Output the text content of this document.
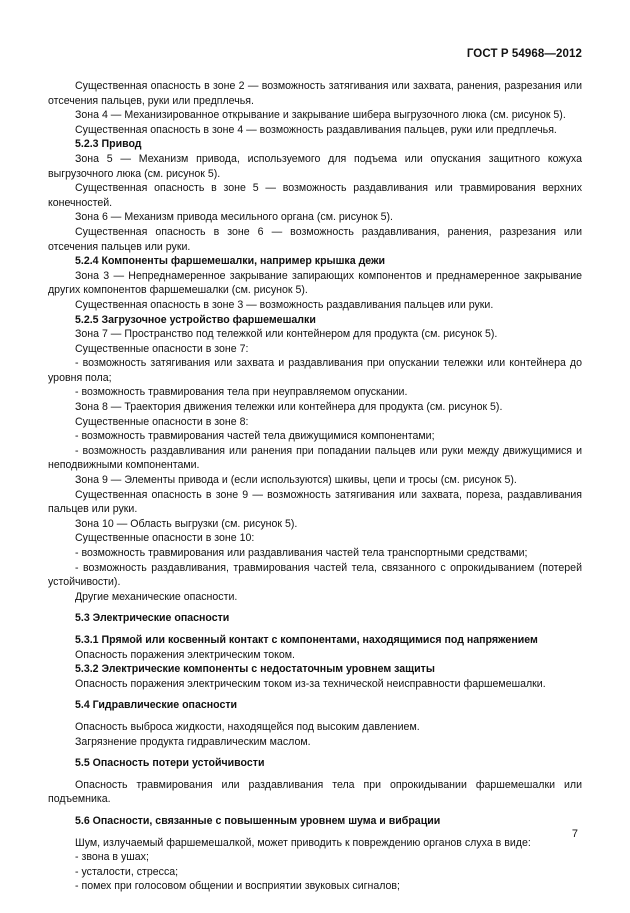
ГОСТ Р 54968—2012

Существенная опасность в зоне 2 — возможность затягивания или захвата, ранения, разрезания или отсечения пальцев, руки или предплечья.

Зона 4 — Механизированное открывание и закрывание шибера выгрузочного люка (см. рисунок 5).

Существенная опасность в зоне 4 — возможность раздавливания пальцев, руки или предплечья.

5.2.3 Привод

Зона 5 — Механизм привода, используемого для подъема или опускания защитного кожуха выгрузочного люка (см. рисунок 5).

Существенная опасность в зоне 5 — возможность раздавливания или травмирования верхних конечностей.

Зона 6 — Механизм привода месильного органа (см. рисунок 5).

Существенная опасность в зоне 6 — возможность раздавливания, ранения, разрезания или отсечения пальцев или руки.

5.2.4 Компоненты фаршемешалки, например крышка дежи

Зона 3 — Непреднамеренное закрывание запирающих компонентов и преднамеренное закрывание других компонентов фаршемешалки (см. рисунок 5).

Существенная опасность в зоне 3 — возможность раздавливания пальцев или руки.

5.2.5 Загрузочное устройство фаршемешалки

Зона 7 — Пространство под тележкой или контейнером для продукта (см. рисунок 5).

Существенные опасности в зоне 7:

- возможность затягивания или захвата и раздавливания при опускании тележки или контейнера до уровня пола;

- возможность травмирования тела при неуправляемом опускании.

Зона 8 — Траектория движения тележки или контейнера для продукта (см. рисунок 5).

Существенные опасности в зоне 8:

- возможность травмирования частей тела движущимися компонентами;

- возможность раздавливания или ранения при попадании пальцев или руки между движущимися и неподвижными компонентами.

Зона 9 — Элементы привода и (если используются) шкивы, цепи и тросы (см. рисунок 5).

Существенная опасность в зоне 9 — возможность затягивания или захвата, пореза, раздавливания пальцев или руки.

Зона 10 — Область выгрузки (см. рисунок 5).

Существенные опасности в зоне 10:

- возможность травмирования или раздавливания частей тела транспортными средствами;

- возможность раздавливания, травмирования частей тела, связанного с опрокидыванием (потерей устойчивости).

Другие механические опасности.

5.3 Электрические опасности

5.3.1 Прямой или косвенный контакт с компонентами, находящимися под напряжением

Опасность поражения электрическим током.

5.3.2 Электрические компоненты с недостаточным уровнем защиты

Опасность поражения электрическим током из-за технической неисправности фаршемешалки.

5.4 Гидравлические опасности

Опасность выброса жидкости, находящейся под высоким давлением.

Загрязнение продукта гидравлическим маслом.

5.5 Опасность потери устойчивости

Опасность травмирования или раздавливания тела при опрокидывании фаршемешалки или подъемника.

5.6 Опасности, связанные с повышенным уровнем шума и вибрации

Шум, излучаемый фаршемешалкой, может приводить к повреждению органов слуха в виде:

- звона в ушах;

- усталости, стресса;

- помех при голосовом общении и восприятии звуковых сигналов;

7
